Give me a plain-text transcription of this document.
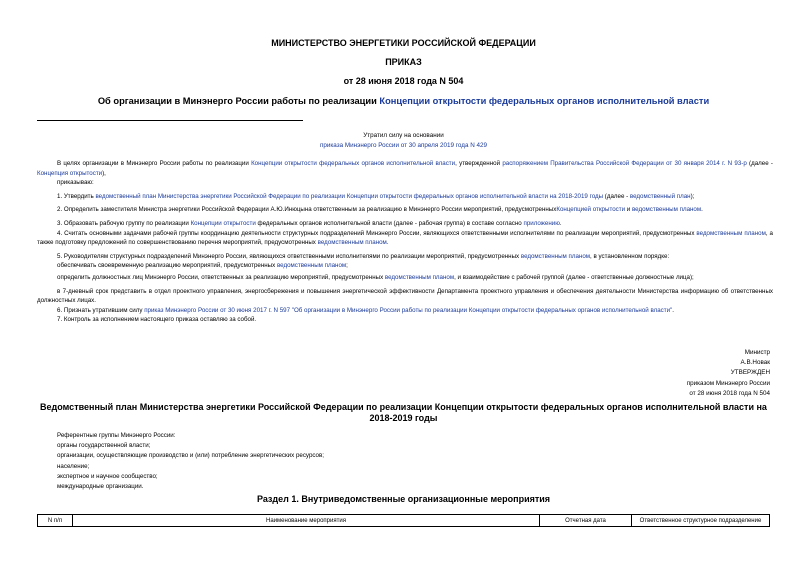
МИНИСТЕРСТВО ЭНЕРГЕТИКИ РОССИЙСКОЙ ФЕДЕРАЦИИ
ПРИКАЗ
от 28 июня 2018 года N 504
Об организации в Минэнерго России работы по реализации Концепции открытости федеральных органов исполнительной власти
Утратил силу на основании
приказа Минэнерго России от 30 апреля 2019 года N 429

В целях организации в Минэнерго России работы по реализации Концепции открытости федеральных органов исполнительной власти, утвержденной распоряжением Правительства Российской Федерации от 30 января 2014 г. N 93-р (далее - Концепция открытости),

приказываю:

1. Утвердить ведомственный план Министерства энергетики Российской Федерации по реализации Концепции открытости федеральных органов исполнительной власти на 2018-2019 годы (далее - ведомственный план);

2. Определить заместителя Министра энергетики Российской Федерации А.Ю.Инюцына ответственным за реализацию в Минэнерго России мероприятий, предусмотренныхКонцепцией открытости и ведомственным планом.

3. Образовать рабочую группу по реализации Концепции открытости федеральных органов исполнительной власти (далее - рабочая группа) в составе согласно приложению.

4. Считать основными задачами рабочей группы координацию деятельности структурных подразделений Минэнерго России, являющихся ответственными исполнителями по реализации мероприятий, предусмотренных ведомственным планом, а также подготовку предложений по совершенствованию перечня мероприятий, предусмотренных ведомственным планом.

5. Руководителям структурных подразделений Минэнерго России, являющихся ответственными исполнителями по реализации мероприятий, предусмотренных ведомственным планом, в установленном порядке:

обеспечивать своевременную реализацию мероприятий, предусмотренных ведомственным планом;

определить должностных лиц Минэнерго России, ответственных за реализацию мероприятий, предусмотренных ведомственным планом, и взаимодействие с рабочей группой (далее - ответственные должностные лица);

в 7-дневный срок представить в отдел проектного управления, энергосбережения и повышения энергетической эффективности Департамента проектного управления и обеспечения деятельности Министерства информацию об ответственных должностных лицах.

6. Признать утратившим силу приказ Минэнерго России от 30 июня 2017 г. N 597 "Об организации в Минэнерго России работы по реализации Концепции открытости федеральных органов исполнительной власти".

7. Контроль за исполнением настоящего приказа оставляю за собой.

Министр
А.В.Новак
УТВЕРЖДЕН
приказом Минэнерго России
от 28 июня 2018 года N 504
Ведомственный план Министерства энергетики Российской Федерации по реализации Концепции открытости федеральных органов исполнительной власти на
2018-2019 годы
Референтные группы Минэнерго России:
органы государственной власти;
организации, осуществляющие производство и (или) потребление энергетических ресурсов;
население;
экспертное и научное сообщество;
международные организации.
Раздел 1. Внутриведомственные организационные мероприятия
N п/п	Наименование мероприятия	Отчетная дата	Ответственное структурное подразделение
